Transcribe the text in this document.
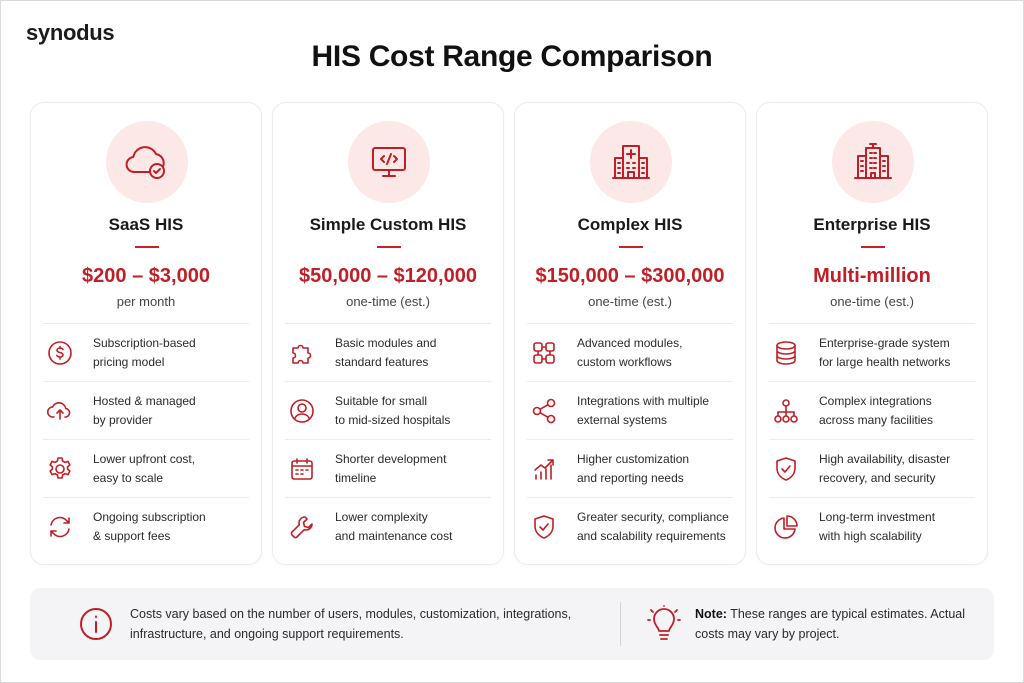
synodus
HIS Cost Range Comparison
SaaS HIS
$200 – $3,000
per month
Subscription-based
pricing model
Hosted & managed
by provider
Lower upfront cost,
easy to scale
Ongoing subscription
& support fees
Simple Custom HIS
$50,000 – $120,000
one-time (est.)
Basic modules and
standard features
Suitable for small
to mid-sized hospitals
Shorter development
timeline
Lower complexity
and maintenance cost
Complex HIS
$150,000 – $300,000
one-time (est.)
Advanced modules,
custom workflows
Integrations with multiple
external systems
Higher customization
and reporting needs
Greater security, compliance
and scalability requirements
Enterprise HIS
Multi-million
one-time (est.)
Enterprise-grade system
for large health networks
Complex integrations
across many facilities
High availability, disaster
recovery, and security
Long-term investment
with high scalability
Costs vary based on the number of users, modules, customization, integrations, infrastructure, and ongoing support requirements.
Note: These ranges are typical estimates. Actual costs may vary by project.
